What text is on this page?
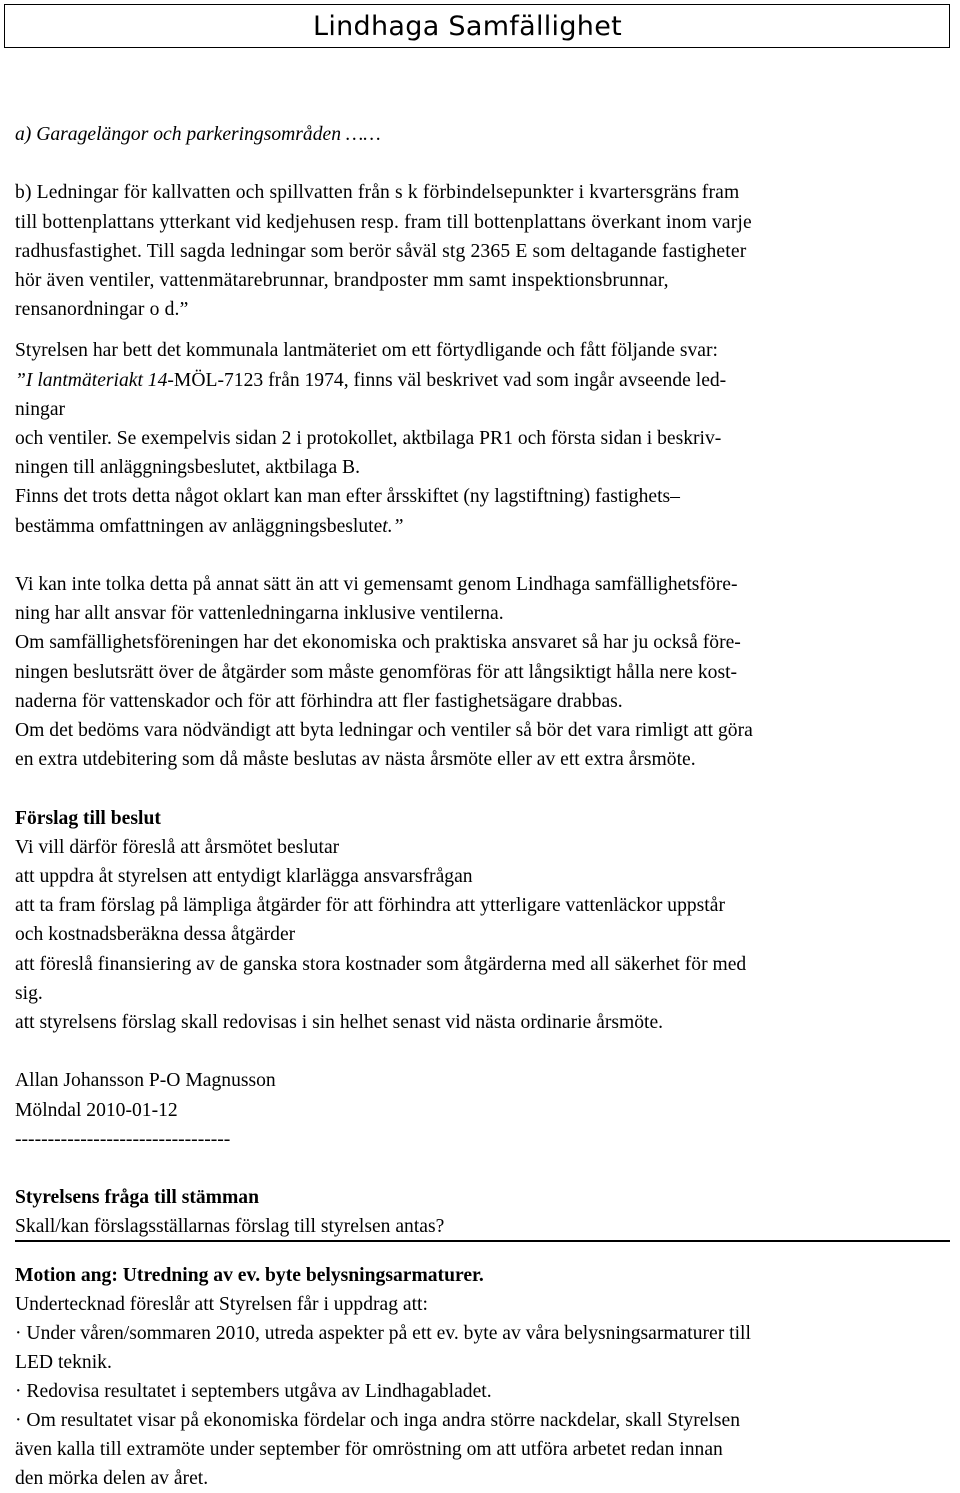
Lindhaga Samfällighet

a) Garagelängor och parkeringsområden ……

b) Ledningar för kallvatten och spillvatten från s k förbindelsepunkter i kvartersgräns fram

till bottenplattans ytterkant vid kedjehusen resp. fram till bottenplattans överkant inom varje

radhusfastighet. Till sagda ledningar som berör såväl stg 2365 E som deltagande fastigheter

hör även ventiler, vattenmätarebrunnar, brandposter mm samt inspektionsbrunnar,

rensanordningar o d.”

Styrelsen har bett det kommunala lantmäteriet om ett förtydligande och fått följande svar:

”I lantmäteriakt 14-MÖL-7123 från 1974, finns väl beskrivet vad som ingår avseende led-

ningar

och ventiler. Se exempelvis sidan 2 i protokollet, aktbilaga PR1 och första sidan i beskriv-

ningen till anläggningsbeslutet, aktbilaga B.

Finns det trots detta något oklart kan man efter årsskiftet (ny lagstiftning) fastighets–

bestämma omfattningen av anläggningsbeslutet.”

Vi kan inte tolka detta på annat sätt än att vi gemensamt genom Lindhaga samfällighetsföre-

ning har allt ansvar för vattenledningarna inklusive ventilerna.

Om samfällighetsföreningen har det ekonomiska och praktiska ansvaret så har ju också före-

ningen beslutsrätt över de åtgärder som måste genomföras för att långsiktigt hålla nere kost-

naderna för vattenskador och för att förhindra att fler fastighetsägare drabbas.

Om det bedöms vara nödvändigt att byta ledningar och ventiler så bör det vara rimligt att göra

en extra utdebitering som då måste beslutas av nästa årsmöte eller av ett extra årsmöte.

Förslag till beslut

Vi vill därför föreslå att årsmötet beslutar

att uppdra åt styrelsen att entydigt klarlägga ansvarsfrågan

att ta fram förslag på lämpliga åtgärder för att förhindra att ytterligare vattenläckor uppstår

och kostnadsberäkna dessa åtgärder

att föreslå finansiering av de ganska stora kostnader som åtgärderna med all säkerhet för med

sig.

att styrelsens förslag skall redovisas i sin helhet senast vid nästa ordinarie årsmöte.

Allan Johansson P-O Magnusson

Mölndal 2010-01-12

---------------------------------

Styrelsens fråga till stämman

Skall/kan förslagsställarnas förslag till styrelsen antas?

Motion ang: Utredning av ev. byte belysningsarmaturer.

Undertecknad föreslår att Styrelsen får i uppdrag att:

· Under våren/sommaren 2010, utreda aspekter på ett ev. byte av våra belysningsarmaturer till

LED teknik.

· Redovisa resultatet i septembers utgåva av Lindhagabladet.

· Om resultatet visar på ekonomiska fördelar och inga andra större nackdelar, skall Styrelsen

även kalla till extramöte under september för omröstning om att utföra arbetet redan innan

den mörka delen av året.
